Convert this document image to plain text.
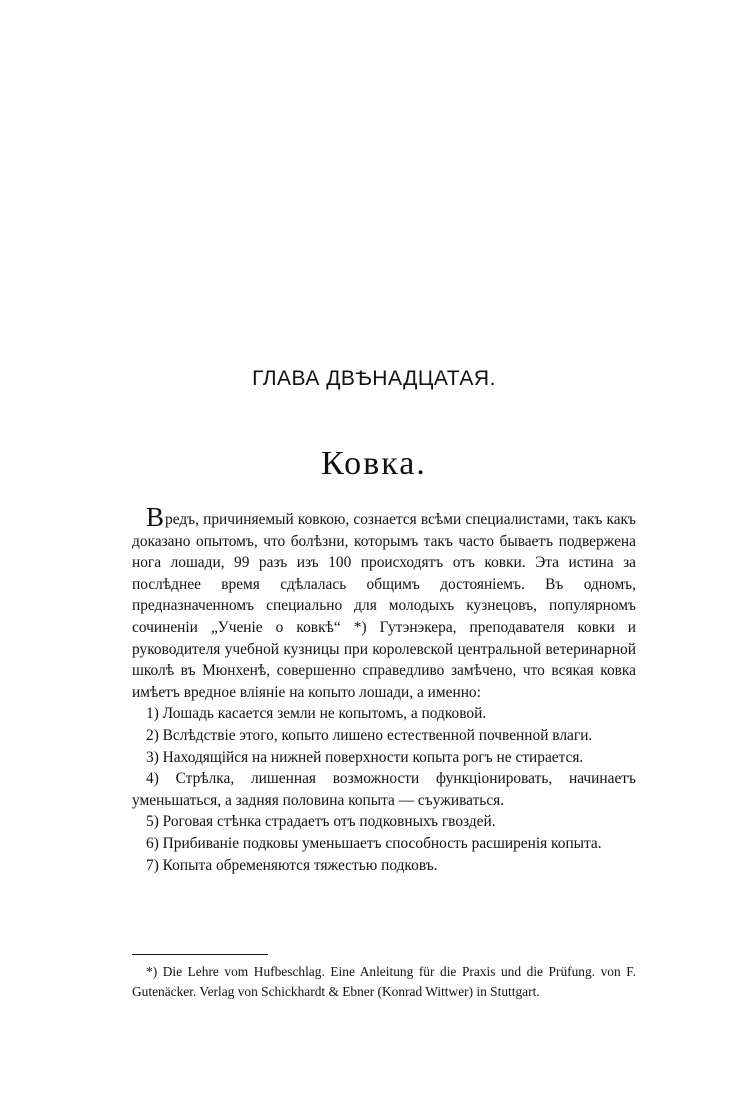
ГЛАВА ДВѢНАДЦАТАЯ.
Ковка.

Вредъ, причиняемый ковкою, сознается всѣми специалистами, такъ какъ доказано опытомъ, что болѣзни, которымъ такъ часто бываетъ подвержена нога лошади, 99 разъ изъ 100 происходятъ отъ ковки. Эта истина за послѣднее время сдѣлалась общимъ достояніемъ. Въ одномъ, предназначенномъ специально для молодыхъ кузнецовъ, популярномъ сочиненіи „Ученіе о ковкѣ“ *) Гутэнэкера, преподавателя ковки и руководителя учебной кузницы при королевской центральной ветеринарной школѣ въ Мюнхенѣ, совершенно справедливо замѣчено, что всякая ковка имѣетъ вредное вліяніе на копыто лошади, а именно:

1) Лошадь касается земли не копытомъ, а подковой.

2) Вслѣдствіе этого, копыто лишено естественной почвенной влаги.

3) Находящійся на нижней поверхности копыта рогъ не стирается.

4) Стрѣлка, лишенная возможности функціонировать, начинаетъ уменьшаться, а задняя половина копыта — съуживаться.

5) Роговая стѣнка страдаетъ отъ подковныхъ гвоздей.

6) Прибиваніе подковы уменьшаетъ способность расширенія копыта.

7) Копыта обременяются тяжестью подковъ.

*) Die Lehre vom Hufbeschlag. Eine Anleitung für die Praxis und die Prüfung. von F. Gutenäcker. Verlag von Schickhardt & Ebner (Konrad Wittwer) in Stuttgart.
